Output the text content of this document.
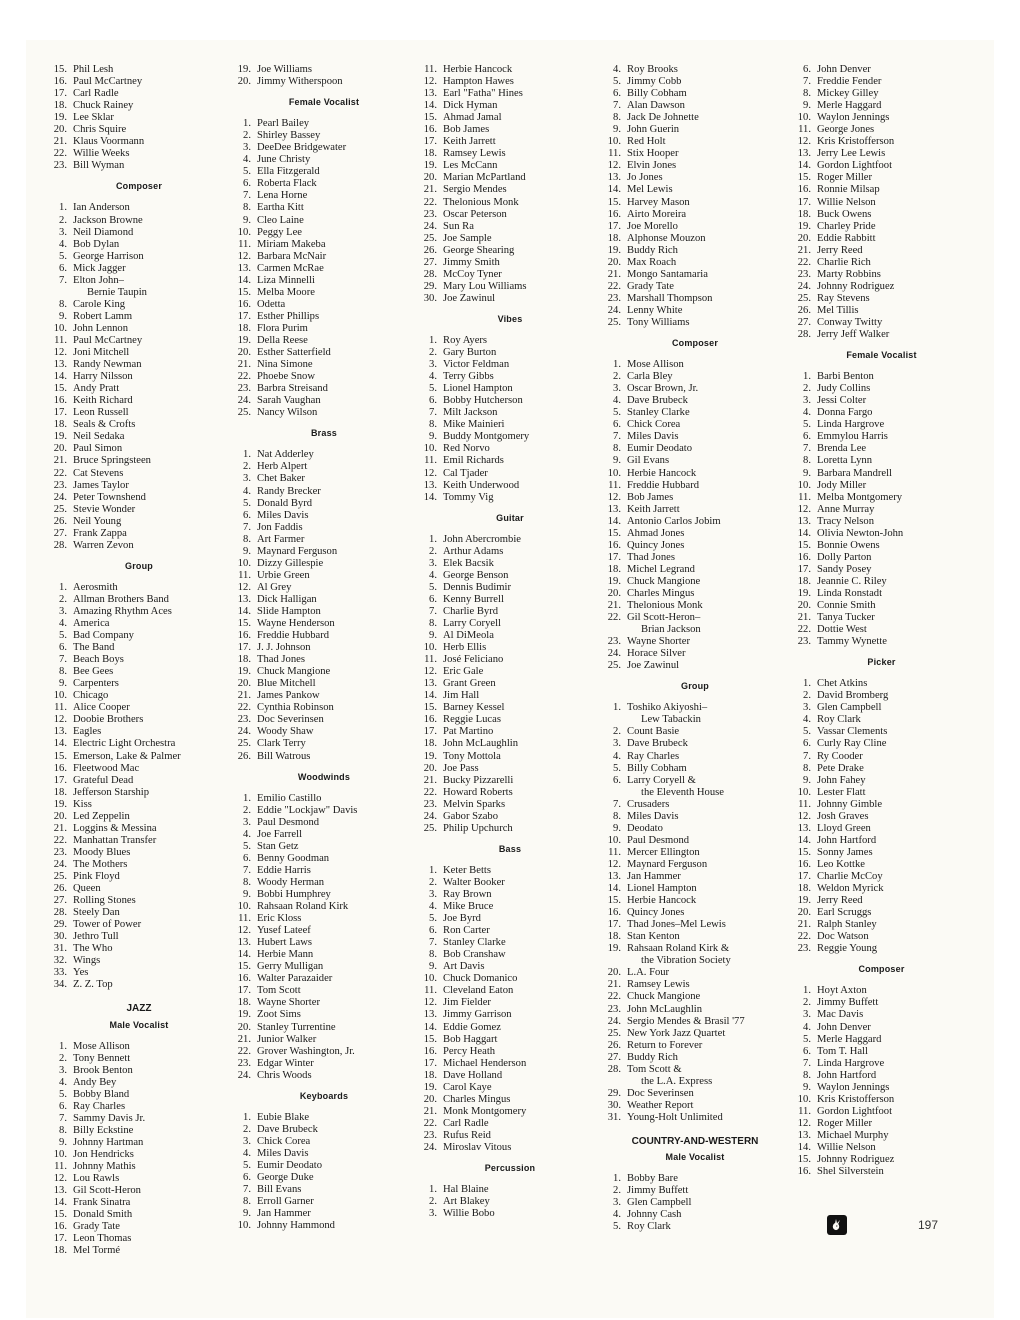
15. Phil Lesh
16. Paul McCartney
17. Carl Radle
18. Chuck Rainey
19. Lee Sklar
20. Chris Squire
21. Klaus Voormann
22. Willie Weeks
23. Bill Wyman
Composer
1. Ian Anderson
2. Jackson Browne
3. Neil Diamond
4. Bob Dylan
5. George Harrison
6. Mick Jagger
7. Elton John–
Bernie Taupin
8. Carole King
9. Robert Lamm
10. John Lennon
11. Paul McCartney
12. Joni Mitchell
13. Randy Newman
14. Harry Nilsson
15. Andy Pratt
16. Keith Richard
17. Leon Russell
18. Seals & Crofts
19. Neil Sedaka
20. Paul Simon
21. Bruce Springsteen
22. Cat Stevens
23. James Taylor
24. Peter Townshend
25. Stevie Wonder
26. Neil Young
27. Frank Zappa
28. Warren Zevon
Group
1. Aerosmith
2. Allman Brothers Band
3. Amazing Rhythm Aces
4. America
5. Bad Company
6. The Band
7. Beach Boys
8. Bee Gees
9. Carpenters
10. Chicago
11. Alice Cooper
12. Doobie Brothers
13. Eagles
14. Electric Light Orchestra
15. Emerson, Lake & Palmer
16. Fleetwood Mac
17. Grateful Dead
18. Jefferson Starship
19. Kiss
20. Led Zeppelin
21. Loggins & Messina
22. Manhattan Transfer
23. Moody Blues
24. The Mothers
25. Pink Floyd
26. Queen
27. Rolling Stones
28. Steely Dan
29. Tower of Power
30. Jethro Tull
31. The Who
32. Wings
33. Yes
34. Z. Z. Top
JAZZ
Male Vocalist
1. Mose Allison
2. Tony Bennett
3. Brook Benton
4. Andy Bey
5. Bobby Bland
6. Ray Charles
7. Sammy Davis Jr.
8. Billy Eckstine
9. Johnny Hartman
10. Jon Hendricks
11. Johnny Mathis
12. Lou Rawls
13. Gil Scott-Heron
14. Frank Sinatra
15. Donald Smith
16. Grady Tate
17. Leon Thomas
18. Mel Tormé
19. Joe Williams
20. Jimmy Witherspoon
Female Vocalist
1. Pearl Bailey
2. Shirley Bassey
3. DeeDee Bridgewater
4. June Christy
5. Ella Fitzgerald
6. Roberta Flack
7. Lena Horne
8. Eartha Kitt
9. Cleo Laine
10. Peggy Lee
11. Miriam Makeba
12. Barbara McNair
13. Carmen McRae
14. Liza Minnelli
15. Melba Moore
16. Odetta
17. Esther Phillips
18. Flora Purim
19. Della Reese
20. Esther Satterfield
21. Nina Simone
22. Phoebe Snow
23. Barbra Streisand
24. Sarah Vaughan
25. Nancy Wilson
Brass
1. Nat Adderley
2. Herb Alpert
3. Chet Baker
4. Randy Brecker
5. Donald Byrd
6. Miles Davis
7. Jon Faddis
8. Art Farmer
9. Maynard Ferguson
10. Dizzy Gillespie
11. Urbie Green
12. Al Grey
13. Dick Halligan
14. Slide Hampton
15. Wayne Henderson
16. Freddie Hubbard
17. J. J. Johnson
18. Thad Jones
19. Chuck Mangione
20. Blue Mitchell
21. James Pankow
22. Cynthia Robinson
23. Doc Severinsen
24. Woody Shaw
25. Clark Terry
26. Bill Watrous
Woodwinds
1. Emilio Castillo
2. Eddie "Lockjaw" Davis
3. Paul Desmond
4. Joe Farrell
5. Stan Getz
6. Benny Goodman
7. Eddie Harris
8. Woody Herman
9. Bobbi Humphrey
10. Rahsaan Roland Kirk
11. Eric Kloss
12. Yusef Lateef
13. Hubert Laws
14. Herbie Mann
15. Gerry Mulligan
16. Walter Parazaider
17. Tom Scott
18. Wayne Shorter
19. Zoot Sims
20. Stanley Turrentine
21. Junior Walker
22. Grover Washington, Jr.
23. Edgar Winter
24. Chris Woods
Keyboards
1. Eubie Blake
2. Dave Brubeck
3. Chick Corea
4. Miles Davis
5. Eumir Deodato
6. George Duke
7. Bill Evans
8. Erroll Garner
9. Jan Hammer
10. Johnny Hammond
11. Herbie Hancock
12. Hampton Hawes
13. Earl "Fatha" Hines
14. Dick Hyman
15. Ahmad Jamal
16. Bob James
17. Keith Jarrett
18. Ramsey Lewis
19. Les McCann
20. Marian McPartland
21. Sergio Mendes
22. Thelonious Monk
23. Oscar Peterson
24. Sun Ra
25. Joe Sample
26. George Shearing
27. Jimmy Smith
28. McCoy Tyner
29. Mary Lou Williams
30. Joe Zawinul
Vibes
1. Roy Ayers
2. Gary Burton
3. Victor Feldman
4. Terry Gibbs
5. Lionel Hampton
6. Bobby Hutcherson
7. Milt Jackson
8. Mike Mainieri
9. Buddy Montgomery
10. Red Norvo
11. Emil Richards
12. Cal Tjader
13. Keith Underwood
14. Tommy Vig
Guitar
1. John Abercrombie
2. Arthur Adams
3. Elek Bacsik
4. George Benson
5. Dennis Budimir
6. Kenny Burrell
7. Charlie Byrd
8. Larry Coryell
9. Al DiMeola
10. Herb Ellis
11. José Feliciano
12. Eric Gale
13. Grant Green
14. Jim Hall
15. Barney Kessel
16. Reggie Lucas
17. Pat Martino
18. John McLaughlin
19. Tony Mottola
20. Joe Pass
21. Bucky Pizzarelli
22. Howard Roberts
23. Melvin Sparks
24. Gabor Szabo
25. Philip Upchurch
Bass
1. Keter Betts
2. Walter Booker
3. Ray Brown
4. Mike Bruce
5. Joe Byrd
6. Ron Carter
7. Stanley Clarke
8. Bob Cranshaw
9. Art Davis
10. Chuck Domanico
11. Cleveland Eaton
12. Jim Fielder
13. Jimmy Garrison
14. Eddie Gomez
15. Bob Haggart
16. Percy Heath
17. Michael Henderson
18. Dave Holland
19. Carol Kaye
20. Charles Mingus
21. Monk Montgomery
22. Carl Radle
23. Rufus Reid
24. Miroslav Vitous
Percussion
1. Hal Blaine
2. Art Blakey
3. Willie Bobo
4. Roy Brooks
5. Jimmy Cobb
6. Billy Cobham
7. Alan Dawson
8. Jack De Johnette
9. John Guerin
10. Red Holt
11. Stix Hooper
12. Elvin Jones
13. Jo Jones
14. Mel Lewis
15. Harvey Mason
16. Airto Moreira
17. Joe Morello
18. Alphonse Mouzon
19. Buddy Rich
20. Max Roach
21. Mongo Santamaria
22. Grady Tate
23. Marshall Thompson
24. Lenny White
25. Tony Williams
Composer
1. Mose Allison
2. Carla Bley
3. Oscar Brown, Jr.
4. Dave Brubeck
5. Stanley Clarke
6. Chick Corea
7. Miles Davis
8. Eumir Deodato
9. Gil Evans
10. Herbie Hancock
11. Freddie Hubbard
12. Bob James
13. Keith Jarrett
14. Antonio Carlos Jobim
15. Ahmad Jones
16. Quincy Jones
17. Thad Jones
18. Michel Legrand
19. Chuck Mangione
20. Charles Mingus
21. Thelonious Monk
22. Gil Scott-Heron–
Brian Jackson
23. Wayne Shorter
24. Horace Silver
25. Joe Zawinul
Group
1. Toshiko Akiyoshi–
Lew Tabackin
2. Count Basie
3. Dave Brubeck
4. Ray Charles
5. Billy Cobham
6. Larry Coryell &
the Eleventh House
7. Crusaders
8. Miles Davis
9. Deodato
10. Paul Desmond
11. Mercer Ellington
12. Maynard Ferguson
13. Jan Hammer
14. Lionel Hampton
15. Herbie Hancock
16. Quincy Jones
17. Thad Jones–Mel Lewis
18. Stan Kenton
19. Rahsaan Roland Kirk &
the Vibration Society
20. L.A. Four
21. Ramsey Lewis
22. Chuck Mangione
23. John McLaughlin
24. Sergio Mendes & Brasil '77
25. New York Jazz Quartet
26. Return to Forever
27. Buddy Rich
28. Tom Scott &
the L.A. Express
29. Doc Severinsen
30. Weather Report
31. Young-Holt Unlimited
COUNTRY-AND-WESTERN
Male Vocalist
1. Bobby Bare
2. Jimmy Buffett
3. Glen Campbell
4. Johnny Cash
5. Roy Clark
6. John Denver
7. Freddie Fender
8. Mickey Gilley
9. Merle Haggard
10. Waylon Jennings
11. George Jones
12. Kris Kristofferson
13. Jerry Lee Lewis
14. Gordon Lightfoot
15. Roger Miller
16. Ronnie Milsap
17. Willie Nelson
18. Buck Owens
19. Charley Pride
20. Eddie Rabbitt
21. Jerry Reed
22. Charlie Rich
23. Marty Robbins
24. Johnny Rodriguez
25. Ray Stevens
26. Mel Tillis
27. Conway Twitty
28. Jerry Jeff Walker
Female Vocalist
1. Barbi Benton
2. Judy Collins
3. Jessi Colter
4. Donna Fargo
5. Linda Hargrove
6. Emmylou Harris
7. Brenda Lee
8. Loretta Lynn
9. Barbara Mandrell
10. Jody Miller
11. Melba Montgomery
12. Anne Murray
13. Tracy Nelson
14. Olivia Newton-John
15. Bonnie Owens
16. Dolly Parton
17. Sandy Posey
18. Jeannie C. Riley
19. Linda Ronstadt
20. Connie Smith
21. Tanya Tucker
22. Dottie West
23. Tammy Wynette
Picker
1. Chet Atkins
2. David Bromberg
3. Glen Campbell
4. Roy Clark
5. Vassar Clements
6. Curly Ray Cline
7. Ry Cooder
8. Pete Drake
9. John Fahey
10. Lester Flatt
11. Johnny Gimble
12. Josh Graves
13. Lloyd Green
14. John Hartford
15. Sonny James
16. Leo Kottke
17. Charlie McCoy
18. Weldon Myrick
19. Jerry Reed
20. Earl Scruggs
21. Ralph Stanley
22. Doc Watson
23. Reggie Young
Composer
1. Hoyt Axton
2. Jimmy Buffett
3. Mac Davis
4. John Denver
5. Merle Haggard
6. Tom T. Hall
7. Linda Hargrove
8. John Hartford
9. Waylon Jennings
10. Kris Kristofferson
11. Gordon Lightfoot
12. Roger Miller
13. Michael Murphy
14. Willie Nelson
15. Johnny Rodriguez
16. Shel Silverstein
197
